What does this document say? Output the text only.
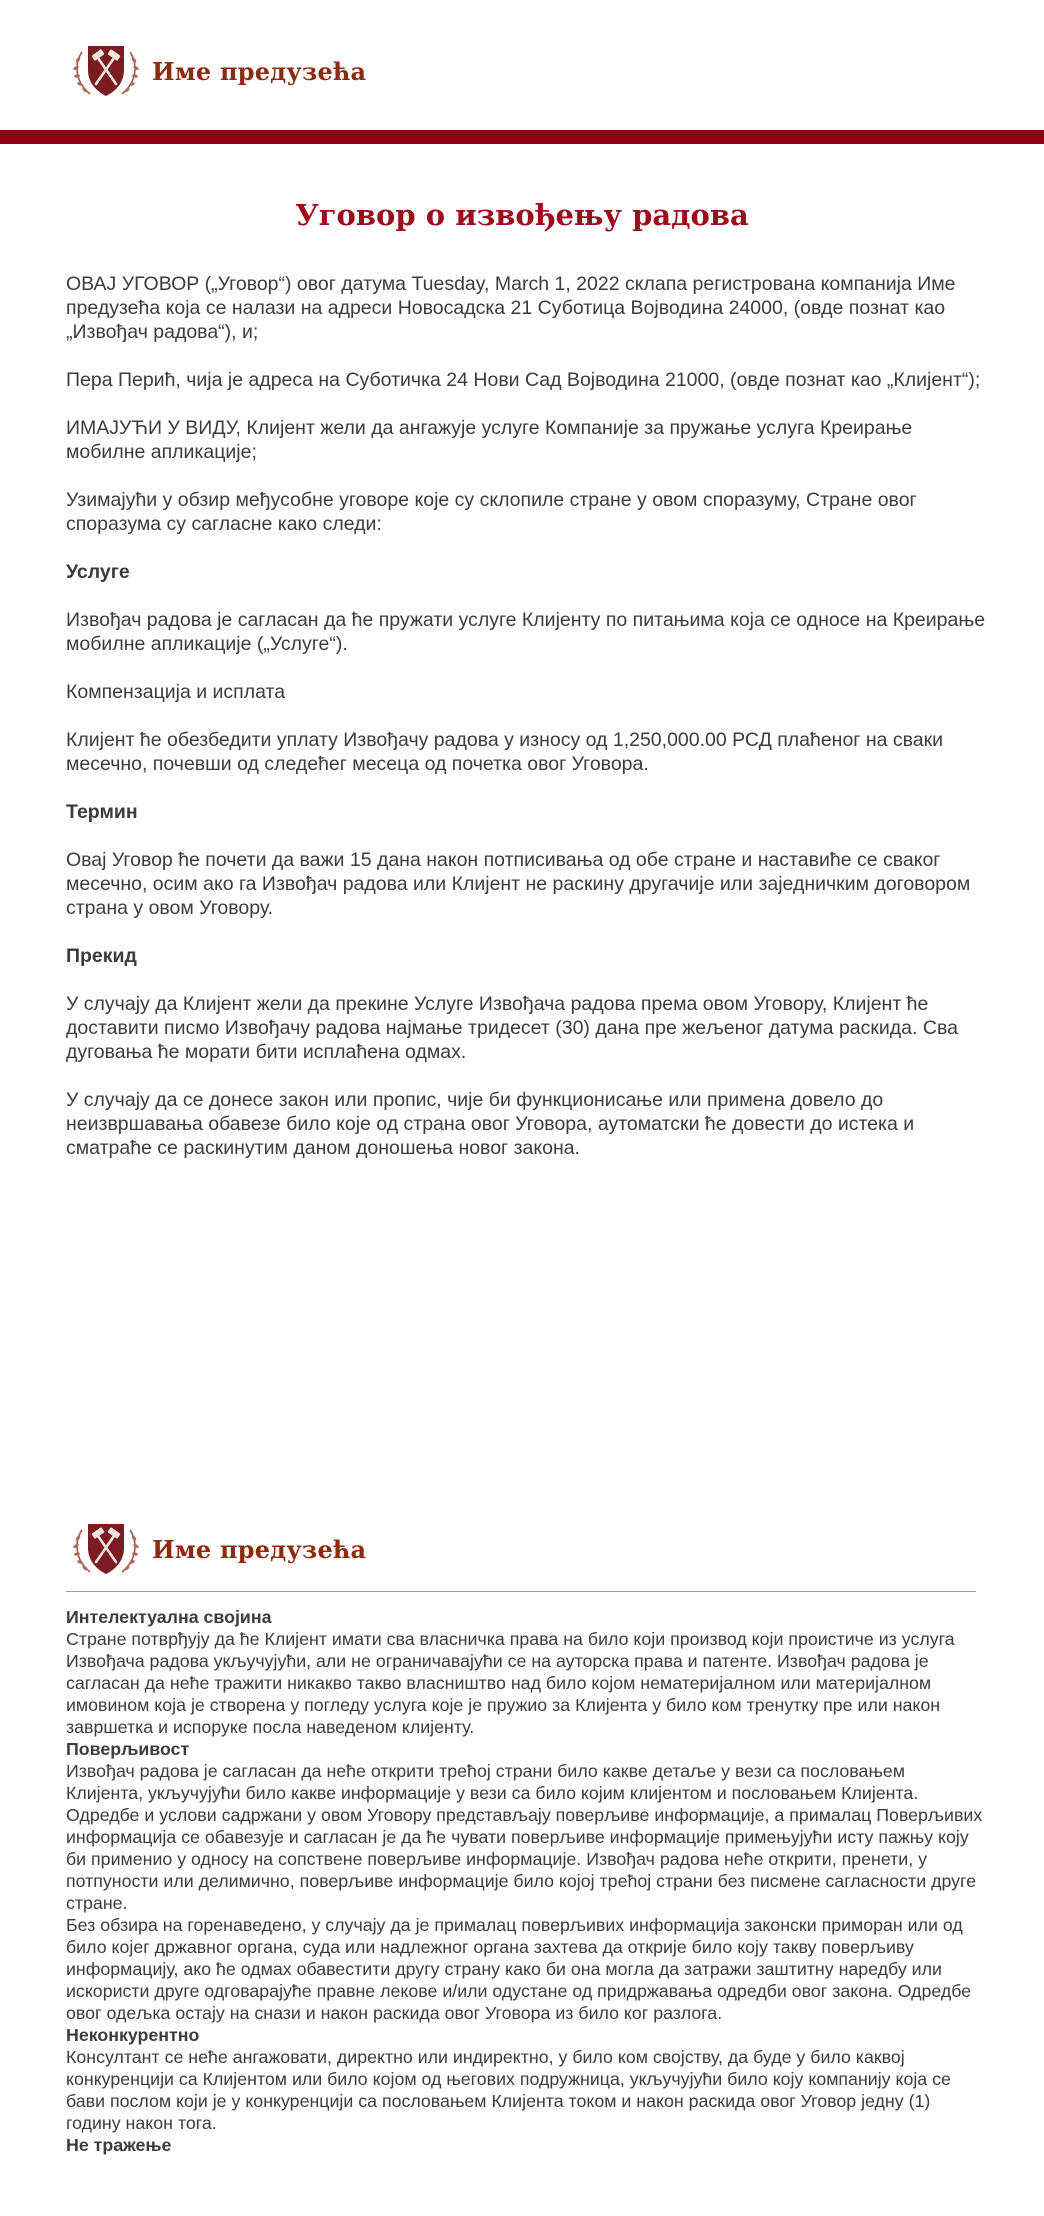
Име предузећа
Уговор о извођењу радова

ОВАЈ УГОВОР („Уговор“) овог датума Tuesday, March 1, 2022 склапа регистрована компанија Име предузећа која се налази на адреси Новосадска 21 Суботица Војводина 24000, (овде познат као „Извођач радова“), и;

Пера Перић, чија је адреса на Суботичка 24 Нови Сад Војводина 21000, (овде познат као „Клијент“);

ИМАЈУЋИ У ВИДУ, Клијент жели да ангажује услуге Компаније за пружање услуга Креирање мобилне апликације;

Узимајући у обзир међусобне уговоре које су склопиле стране у овом споразуму, Стране овог споразума су сагласне како следи:

Услуге

Извођач радова је сагласан да ће пружати услуге Клијенту по питањима која се односе на Креирање мобилне апликације („Услуге“).

Компензација и исплата

Клијент ће обезбедити уплату Извођачу радова у износу од 1,250,000.00 РСД плаћеног на сваки месечно, почевши од следећег месеца од почетка овог Уговора.

Термин

Овај Уговор ће почети да важи 15 дана након потписивања од обе стране и наставиће се сваког месечно, осим ако га Извођач радова или Клијент не раскину другачије или заједничким договором страна у овом Уговору.

Прекид

У случају да Клијент жели да прекине Услуге Извођача радова према овом Уговору, Клијент ће доставити писмо Извођачу радова најмање тридесет (30) дана пре жељеног датума раскида. Сва дуговања ће морати бити исплаћена одмах.

У случају да се донесе закон или пропис, чије би функционисање или примена довело до неизвршавања обавезе било које од страна овог Уговора, аутоматски ће довести до истека и сматраће се раскинутим даном доношења новог закона.

Име предузећа

Интелектуална својина

Стране потврђују да ће Клијент имати сва власничка права на било који производ који проистиче из услуга Извођача радова укључујући, али не ограничавајући се на ауторска права и патенте. Извођач радова је сагласан да неће тражити никакво такво власништво над било којом нематеријалном или материјалном имовином која је створена у погледу услуга које је пружио за Клијента у било ком тренутку пре или након завршетка и испоруке посла наведеном клијенту.

Поверљивост

Извођач радова је сагласан да неће открити трећој страни било какве детаље у вези са пословањем Клијента, укључујући било какве информације у вези са било којим клијентом и пословањем Клијента.

Одредбе и услови садржани у овом Уговору представљају поверљиве информације, а прималац Поверљивих информација се обавезује и сагласан је да ће чувати поверљиве информације примењујући исту пажњу коју би применио у односу на сопствене поверљиве информације. Извођач радова неће открити, пренети, у потпуности или делимично, поверљиве информације било којој трећој страни без писмене сагласности друге стране.

Без обзира на горенаведено, у случају да је прималац поверљивих информација законски приморан или од било којег државног органа, суда или надлежног органа захтева да открије било коју такву поверљиву информацију, ако ће одмах обавестити другу страну како би она могла да затражи заштитну наредбу или искористи друге одговарајуће правне лекове и/или одустане од придржавања одредби овог закона. Одредбе овог одељка остају на снази и након раскида овог Уговора из било ког разлога.

Неконкурентно

Консултант се неће ангажовати, директно или индиректно, у било ком својству, да буде у било каквој конкуренцији са Клијентом или било којом од његових подружница, укључујући било коју компанију која се бави послом који је у конкуренцији са пословањем Клијента током и након раскида овог Уговор једну (1) годину након тога.

Не тражење
